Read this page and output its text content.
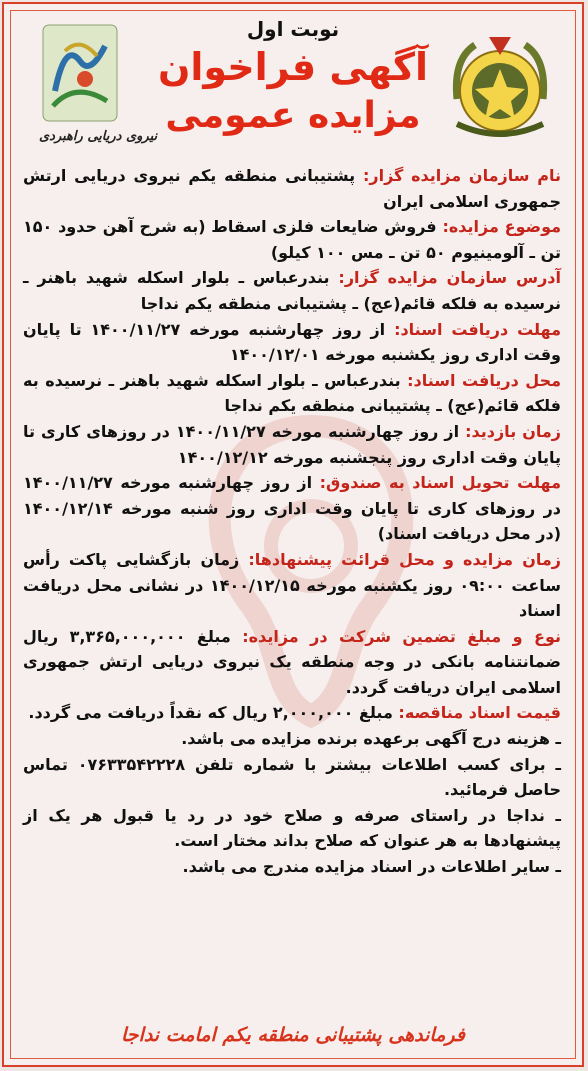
نیروی دریایی راهبردی
نوبت اول
آگهی فراخوان
مزایده عمومی

نام سازمان مزایده گزار: پشتیبانی منطقه یکم نیروی دریایی ارتش جمهوری اسلامی ایران

موضوع مزایده: فروش ضایعات فلزی اسقاط (به شرح آهن حدود ۱۵۰ تن ـ آلومینیوم ۵۰ تن ـ مس ۱۰۰ کیلو)

آدرس سازمان مزایده گزار: بندرعباس ـ بلوار اسکله شهید باهنر ـ نرسیده به فلکه قائم(عج) ـ پشتیبانی منطقه یکم نداجا

مهلت دریافت اسناد: از روز چهارشنبه مورخه ۱۴۰۰/۱۱/۲۷ تا پایان وقت اداری روز یکشنبه مورخه ۱۴۰۰/۱۲/۰۱

محل دریافت اسناد: بندرعباس ـ بلوار اسکله شهید باهنر ـ نرسیده به فلکه قائم(عج) ـ پشتیبانی منطقه یکم نداجا

زمان بازدید: از روز چهارشنبه مورخه ۱۴۰۰/۱۱/۲۷ در روزهای کاری تا پایان وقت اداری روز پنجشنبه مورخه ۱۴۰۰/۱۲/۱۲

مهلت تحویل اسناد به صندوق: از روز چهارشنبه مورخه ۱۴۰۰/۱۱/۲۷ در روزهای کاری تا پایان وقت اداری روز شنبه مورخه ۱۴۰۰/۱۲/۱۴ (در محل دریافت اسناد)

زمان مزایده و محل قرائت پیشنهادها: زمان بازگشایی پاکت رأس ساعت ۰۹:۰۰ روز یکشنبه مورخه ۱۴۰۰/۱۲/۱۵ در نشانی محل دریافت اسناد

نوع و مبلغ تضمین شرکت در مزایده: مبلغ ۳,۳۶۵,۰۰۰,۰۰۰ ریال ضمانتنامه بانکی در وجه منطقه یک نیروی دریایی ارتش جمهوری اسلامی ایران دریافت گردد.

قیمت اسناد مناقصه: مبلغ ۲,۰۰۰,۰۰۰ ریال که نقداً دریافت می گردد.

ـ هزینه درج آگهی برعهده برنده مزایده می باشد.

ـ برای کسب اطلاعات بیشتر با شماره تلفن ۰۷۶۳۳۵۴۲۲۲۸ تماس حاصل فرمائید.

ـ نداجا در راستای صرفه و صلاح خود در رد یا قبول هر یک از پیشنهادها به هر عنوان که صلاح بداند مختار است.

ـ سایر اطلاعات در اسناد مزایده مندرج می باشد.

فرماندهی پشتیبانی منطقه یکم امامت نداجا
